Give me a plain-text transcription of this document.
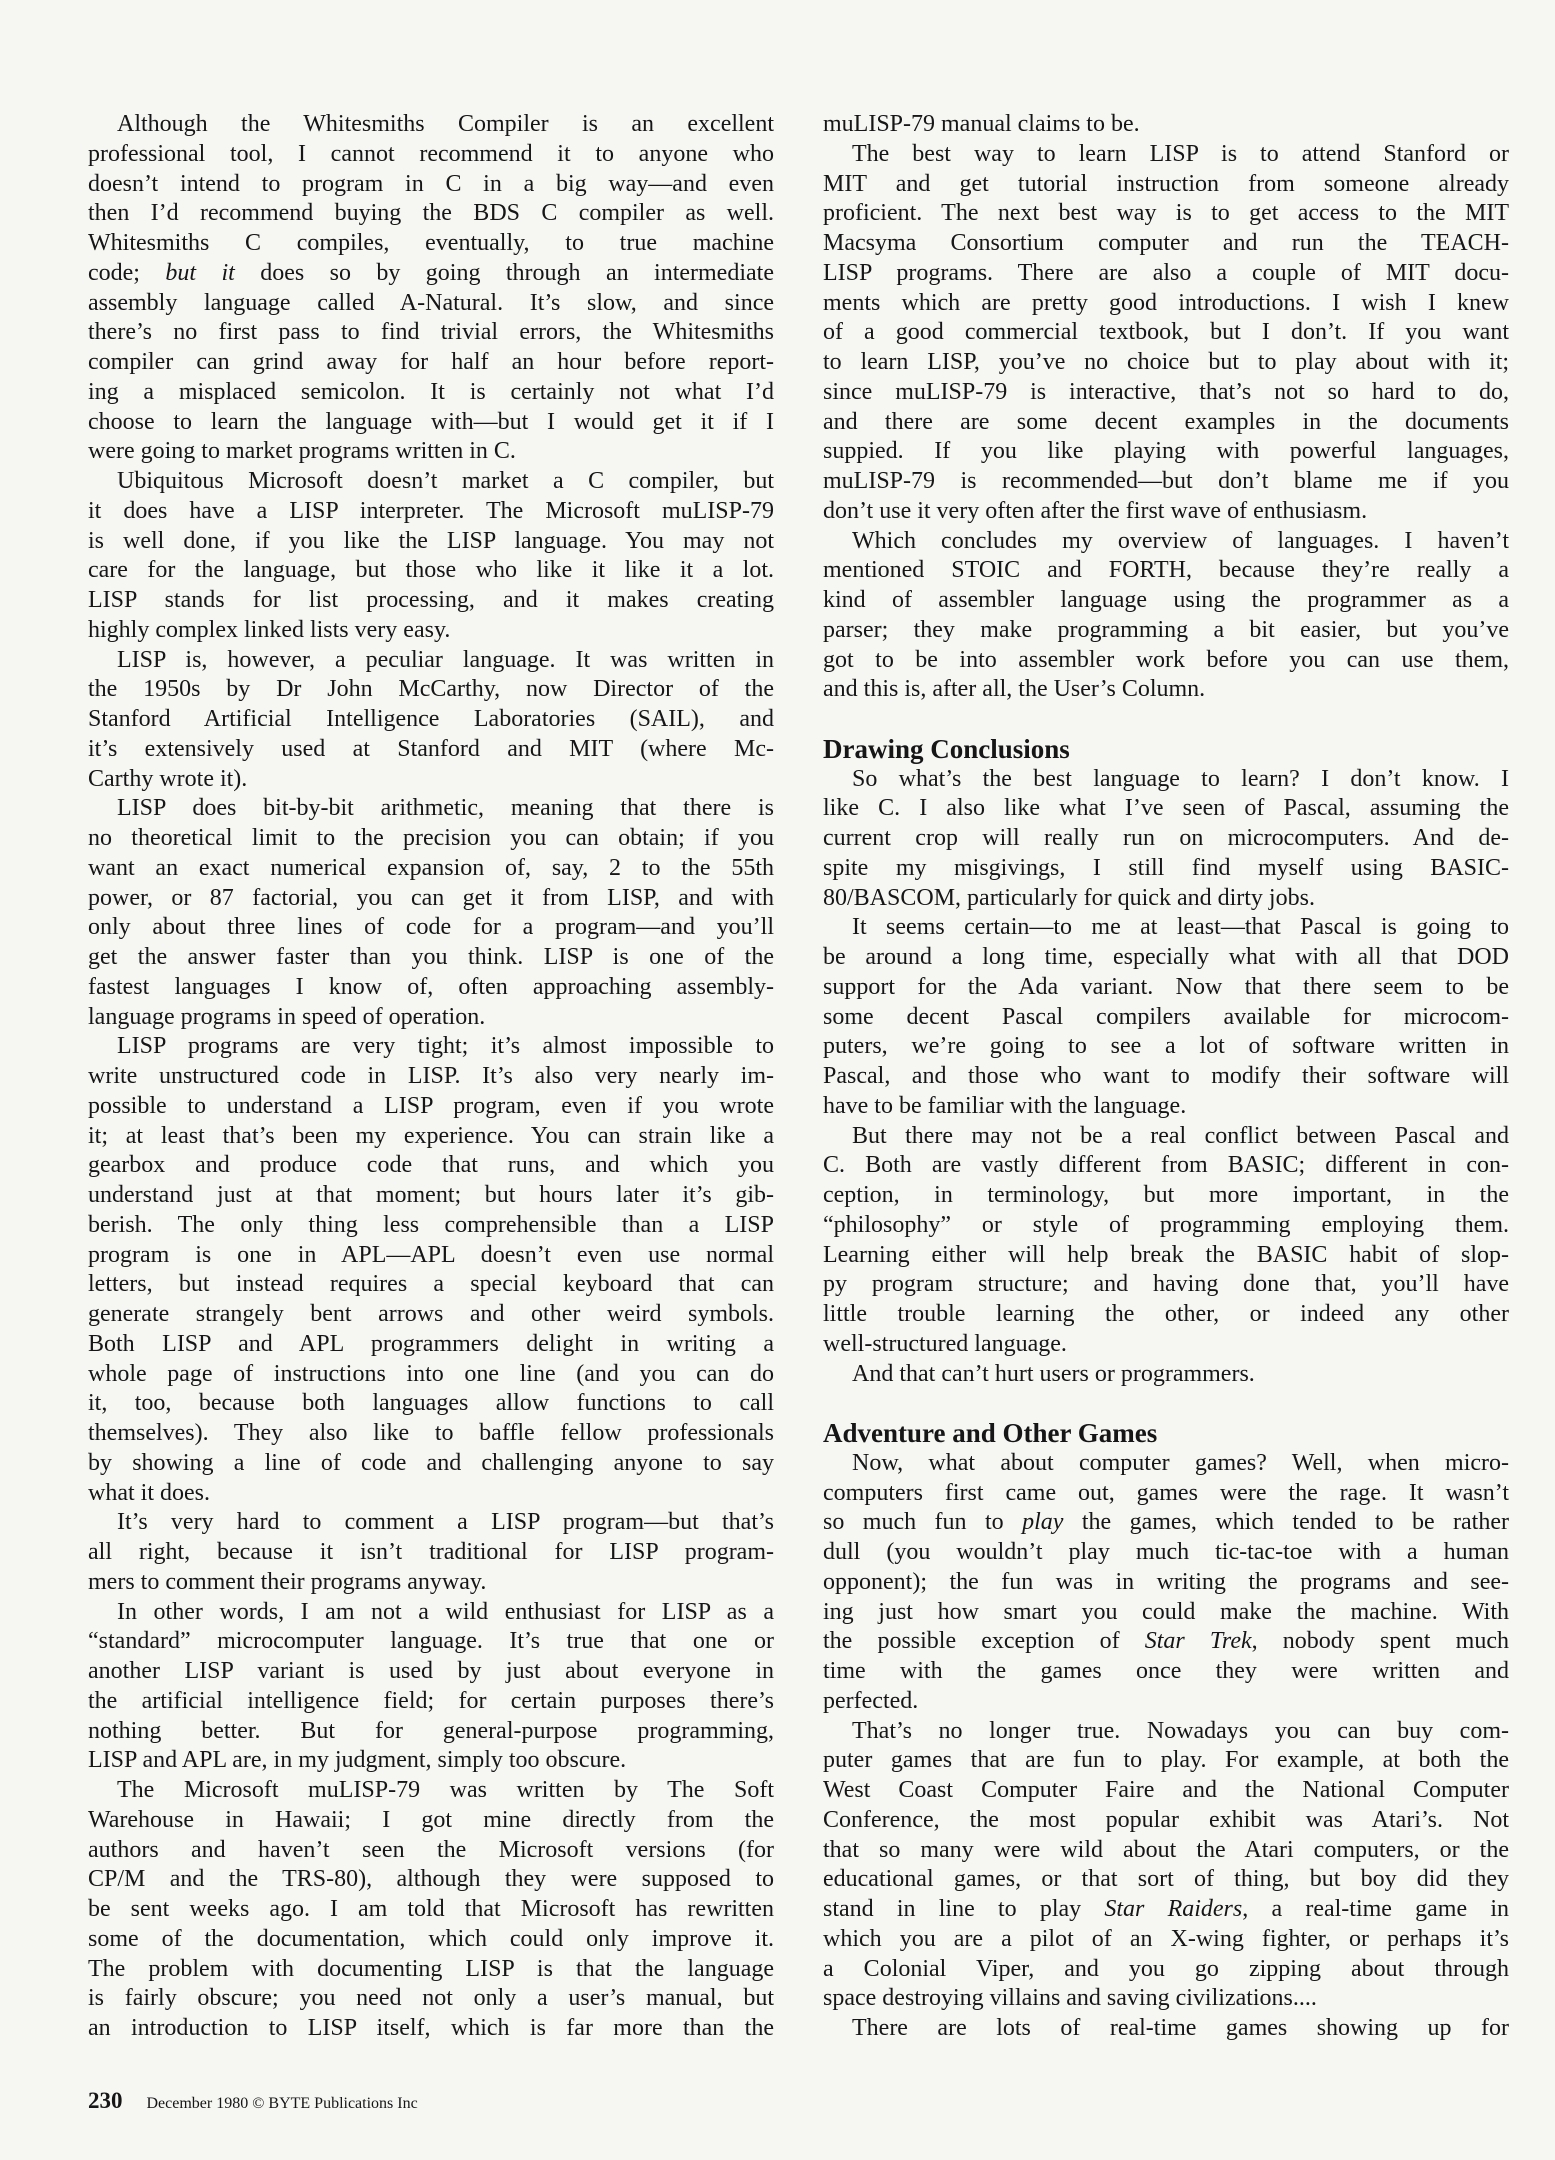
Although the Whitesmiths Compiler is an excellent
professional tool, I cannot recommend it to anyone who
doesn’t intend to program in C in a big way—and even
then I’d recommend buying the BDS C compiler as well.
Whitesmiths C compiles, eventually, to true machine
code; but it does so by going through an intermediate
assembly language called A-Natural. It’s slow, and since
there’s no first pass to find trivial errors, the Whitesmiths
compiler can grind away for half an hour before report-
ing a misplaced semicolon. It is certainly not what I’d
choose to learn the language with—but I would get it if I
were going to market programs written in C.
Ubiquitous Microsoft doesn’t market a C compiler, but
it does have a LISP interpreter. The Microsoft muLISP-79
is well done, if you like the LISP language. You may not
care for the language, but those who like it like it a lot.
LISP stands for list processing, and it makes creating
highly complex linked lists very easy.
LISP is, however, a peculiar language. It was written in
the 1950s by Dr John McCarthy, now Director of the
Stanford Artificial Intelligence Laboratories (SAIL), and
it’s extensively used at Stanford and MIT (where Mc-
Carthy wrote it).
LISP does bit-by-bit arithmetic, meaning that there is
no theoretical limit to the precision you can obtain; if you
want an exact numerical expansion of, say, 2 to the 55th
power, or 87 factorial, you can get it from LISP, and with
only about three lines of code for a program—and you’ll
get the answer faster than you think. LISP is one of the
fastest languages I know of, often approaching assembly-
language programs in speed of operation.
LISP programs are very tight; it’s almost impossible to
write unstructured code in LISP. It’s also very nearly im-
possible to understand a LISP program, even if you wrote
it; at least that’s been my experience. You can strain like a
gearbox and produce code that runs, and which you
understand just at that moment; but hours later it’s gib-
berish. The only thing less comprehensible than a LISP
program is one in APL—APL doesn’t even use normal
letters, but instead requires a special keyboard that can
generate strangely bent arrows and other weird symbols.
Both LISP and APL programmers delight in writing a
whole page of instructions into one line (and you can do
it, too, because both languages allow functions to call
themselves). They also like to baffle fellow professionals
by showing a line of code and challenging anyone to say
what it does.
It’s very hard to comment a LISP program—but that’s
all right, because it isn’t traditional for LISP program-
mers to comment their programs anyway.
In other words, I am not a wild enthusiast for LISP as a
“standard” microcomputer language. It’s true that one or
another LISP variant is used by just about everyone in
the artificial intelligence field; for certain purposes there’s
nothing better. But for general-purpose programming,
LISP and APL are, in my judgment, simply too obscure.
The Microsoft muLISP-79 was written by The Soft
Warehouse in Hawaii; I got mine directly from the
authors and haven’t seen the Microsoft versions (for
CP/M and the TRS-80), although they were supposed to
be sent weeks ago. I am told that Microsoft has rewritten
some of the documentation, which could only improve it.
The problem with documenting LISP is that the language
is fairly obscure; you need not only a user’s manual, but
an introduction to LISP itself, which is far more than the
muLISP-79 manual claims to be.
The best way to learn LISP is to attend Stanford or
MIT and get tutorial instruction from someone already
proficient. The next best way is to get access to the MIT
Macsyma Consortium computer and run the TEACH-
LISP programs. There are also a couple of MIT docu-
ments which are pretty good introductions. I wish I knew
of a good commercial textbook, but I don’t. If you want
to learn LISP, you’ve no choice but to play about with it;
since muLISP-79 is interactive, that’s not so hard to do,
and there are some decent examples in the documents
suppied. If you like playing with powerful languages,
muLISP-79 is recommended—but don’t blame me if you
don’t use it very often after the first wave of enthusiasm.
Which concludes my overview of languages. I haven’t
mentioned STOIC and FORTH, because they’re really a
kind of assembler language using the programmer as a
parser; they make programming a bit easier, but you’ve
got to be into assembler work before you can use them,
and this is, after all, the User’s Column.
Drawing Conclusions
So what’s the best language to learn? I don’t know. I
like C. I also like what I’ve seen of Pascal, assuming the
current crop will really run on microcomputers. And de-
spite my misgivings, I still find myself using BASIC-
80/BASCOM, particularly for quick and dirty jobs.
It seems certain—to me at least—that Pascal is going to
be around a long time, especially what with all that DOD
support for the Ada variant. Now that there seem to be
some decent Pascal compilers available for microcom-
puters, we’re going to see a lot of software written in
Pascal, and those who want to modify their software will
have to be familiar with the language.
But there may not be a real conflict between Pascal and
C. Both are vastly different from BASIC; different in con-
ception, in terminology, but more important, in the
“philosophy” or style of programming employing them.
Learning either will help break the BASIC habit of slop-
py program structure; and having done that, you’ll have
little trouble learning the other, or indeed any other
well-structured language.
And that can’t hurt users or programmers.
Adventure and Other Games
Now, what about computer games? Well, when micro-
computers first came out, games were the rage. It wasn’t
so much fun to play the games, which tended to be rather
dull (you wouldn’t play much tic-tac-toe with a human
opponent); the fun was in writing the programs and see-
ing just how smart you could make the machine. With
the possible exception of Star Trek, nobody spent much
time with the games once they were written and
perfected.
That’s no longer true. Nowadays you can buy com-
puter games that are fun to play. For example, at both the
West Coast Computer Faire and the National Computer
Conference, the most popular exhibit was Atari’s. Not
that so many were wild about the Atari computers, or the
educational games, or that sort of thing, but boy did they
stand in line to play Star Raiders, a real-time game in
which you are a pilot of an X-wing fighter, or perhaps it’s
a Colonial Viper, and you go zipping about through
space destroying villains and saving civilizations....
There are lots of real-time games showing up for
230 December 1980 © BYTE Publications Inc
